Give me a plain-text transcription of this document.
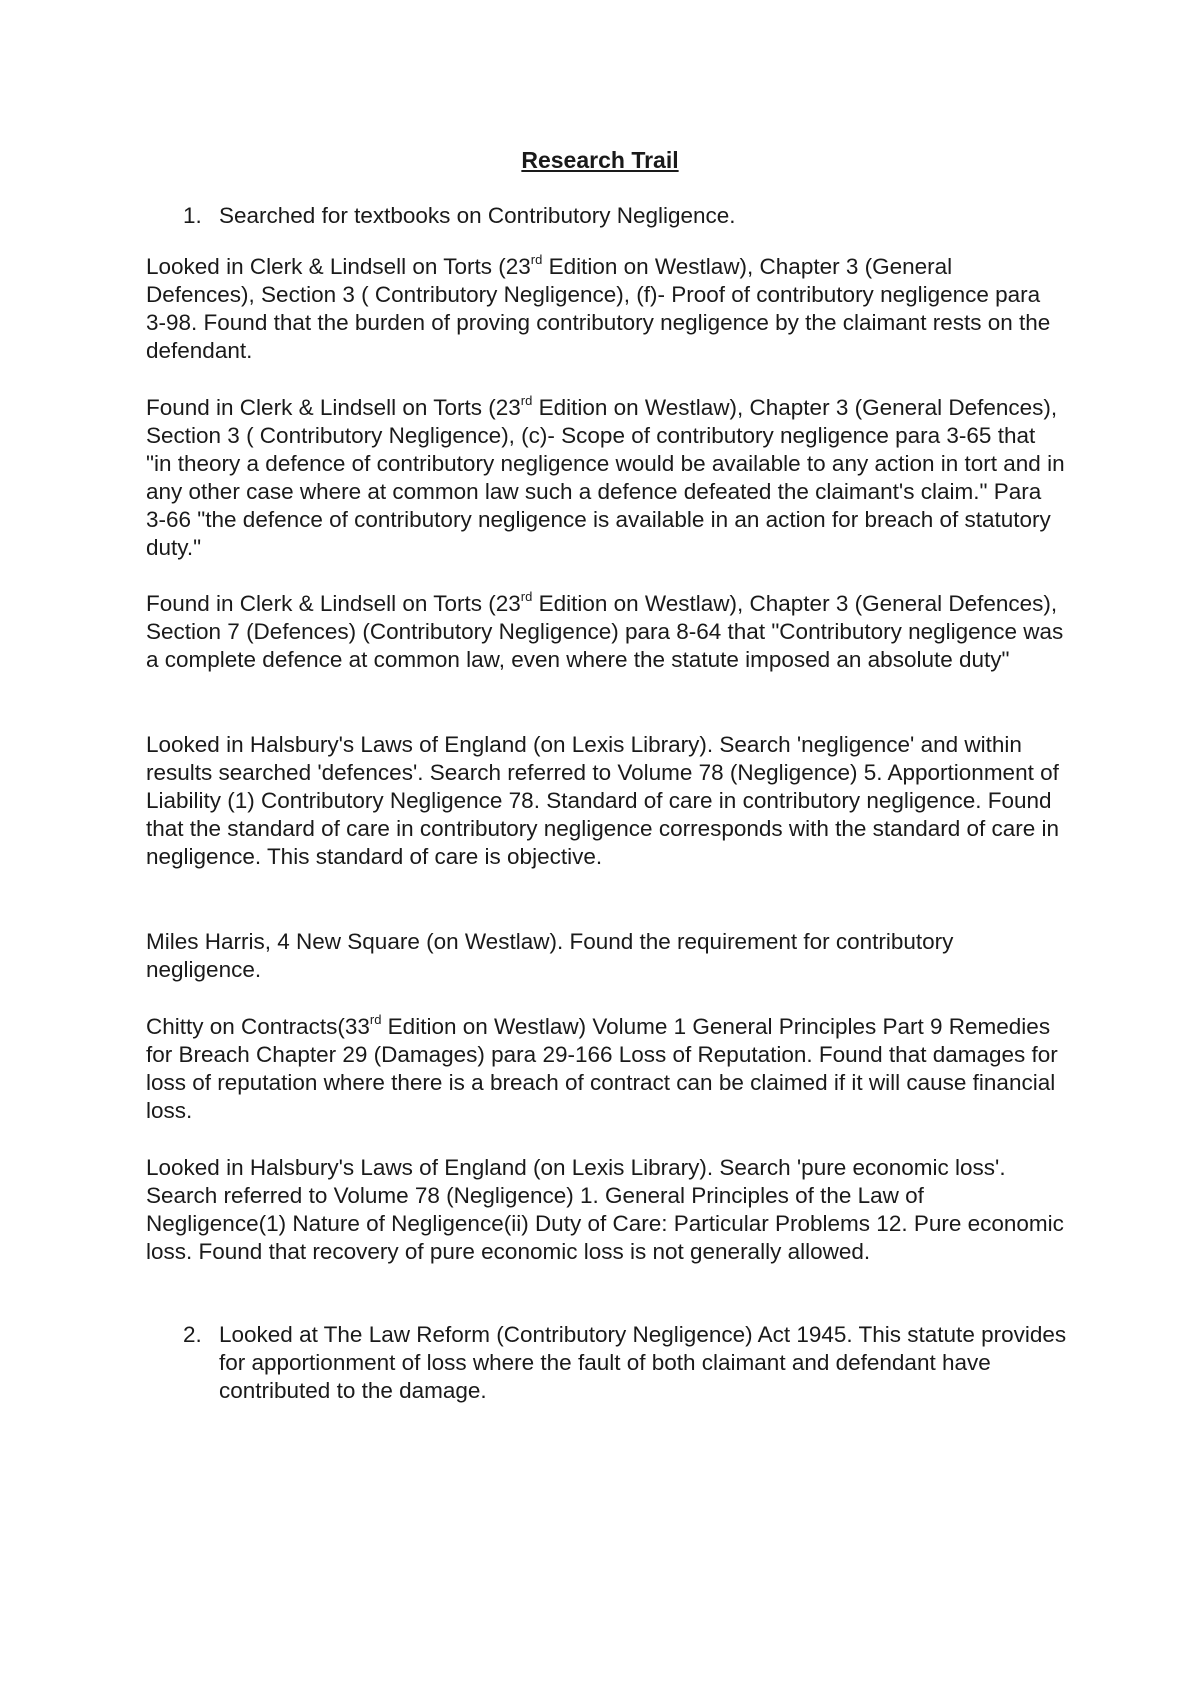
Research Trail
1. Searched for textbooks on Contributory Negligence.

Looked in Clerk & Lindsell on Torts (23rd Edition on Westlaw), Chapter 3 (General Defences), Section 3 ( Contributory Negligence), (f)- Proof of contributory negligence para 3-98. Found that the burden of proving contributory negligence by the claimant rests on the defendant.

Found in Clerk & Lindsell on Torts (23rd Edition on Westlaw), Chapter 3 (General Defences), Section 3 ( Contributory Negligence), (c)- Scope of contributory negligence para 3-65 that "in theory a defence of contributory negligence would be available to any action in tort and in any other case where at common law such a defence defeated the claimant's claim." Para 3-66 "the defence of contributory negligence is available in an action for breach of statutory duty."

Found in Clerk & Lindsell on Torts (23rd Edition on Westlaw), Chapter 3 (General Defences), Section 7 (Defences) (Contributory Negligence) para 8-64 that "Contributory negligence was a complete defence at common law, even where the statute imposed an absolute duty"

Looked in Halsbury's Laws of England (on Lexis Library). Search 'negligence' and within results searched 'defences'. Search referred to Volume 78 (Negligence) 5. Apportionment of Liability (1) Contributory Negligence 78. Standard of care in contributory negligence. Found that the standard of care in contributory negligence corresponds with the standard of care in negligence. This standard of care is objective.

Miles Harris, 4 New Square (on Westlaw). Found the requirement for contributory negligence.

Chitty on Contracts(33rd Edition on Westlaw) Volume 1 General Principles Part 9 Remedies for Breach Chapter 29 (Damages) para 29-166 Loss of Reputation. Found that damages for loss of reputation where there is a breach of contract can be claimed if it will cause financial loss.

Looked in Halsbury's Laws of England (on Lexis Library). Search 'pure economic loss'. Search referred to Volume 78 (Negligence) 1. General Principles of the Law of Negligence(1) Nature of Negligence(ii) Duty of Care: Particular Problems 12. Pure economic loss. Found that recovery of pure economic loss is not generally allowed.

2. Looked at The Law Reform (Contributory Negligence) Act 1945. This statute provides for apportionment of loss where the fault of both claimant and defendant have contributed to the damage.
